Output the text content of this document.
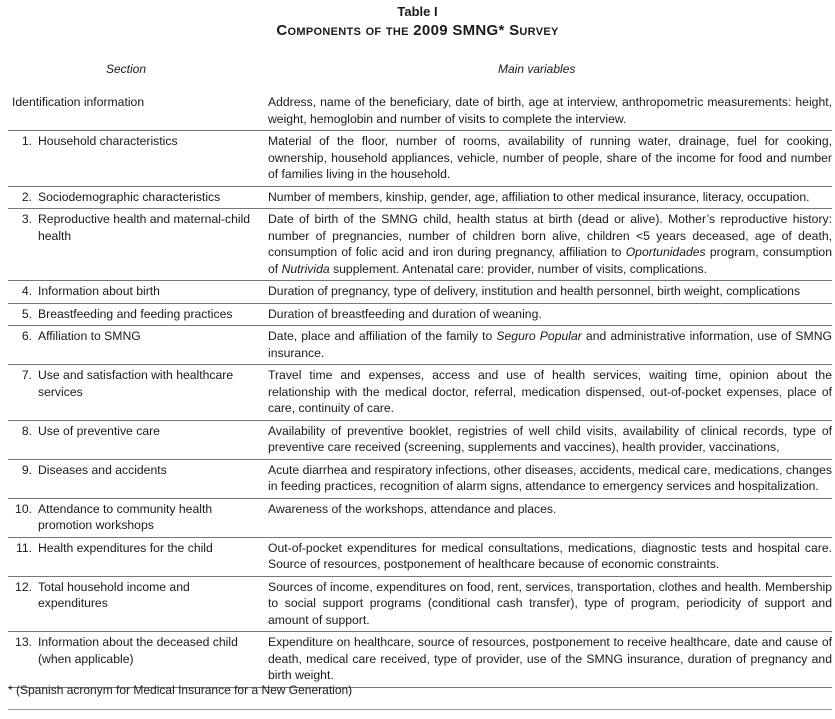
Table I
Components of the 2009 SMNG* Survey
Section	Main variables
Identification information	Address, name of the beneficiary, date of birth, age at interview, anthropometric measurements: height, weight, hemoglobin and number of visits to complete the interview.
1. Household characteristics	Material of the floor, number of rooms, availability of running water, drainage, fuel for cooking, ownership, household appliances, vehicle, number of people, share of the income for food and number of families living in the household.
2. Sociodemographic characteristics	Number of members, kinship, gender, age, affiliation to other medical insurance, literacy, occupation.
3. Reproductive health and maternal-child health	Date of birth of the SMNG child, health status at birth (dead or alive). Mother’s reproductive history: number of pregnancies, number of children born alive, children <5 years deceased, age of death, consumption of folic acid and iron during pregnancy, affiliation to Oportunidades program, consumption of Nutrivida supplement. Antenatal care: provider, number of visits, complications.
4. Information about birth	Duration of pregnancy, type of delivery, institution and health personnel, birth weight, complications
5. Breastfeeding and feeding practices	Duration of breastfeeding and duration of weaning.
6. Affiliation to SMNG	Date, place and affiliation of the family to Seguro Popular and administrative information, use of SMNG insurance.
7. Use and satisfaction with healthcare services	Travel time and expenses, access and use of health services, waiting time, opinion about the relationship with the medical doctor, referral, medication dispensed, out-of-pocket expenses, place of care, continuity of care.
8. Use of preventive care	Availability of preventive booklet, registries of well child visits, availability of clinical records, type of preventive care received (screening, supplements and vaccines), health provider, vaccinations,
9. Diseases and accidents	Acute diarrhea and respiratory infections, other diseases, accidents, medical care, medications, changes in feeding practices, recognition of alarm signs, attendance to emergency services and hospitalization.
10. Attendance to community health promotion workshops	Awareness of the workshops, attendance and places.
11. Health expenditures for the child	Out-of-pocket expenditures for medical consultations, medications, diagnostic tests and hospital care. Source of resources, postponement of healthcare because of economic constraints.
12. Total household income and expenditures	Sources of income, expenditures on food, rent, services, transportation, clothes and health. Membership to social support programs (conditional cash transfer), type of program, periodicity of support and amount of support.
13. Information about the deceased child (when applicable)	Expenditure on healthcare, source of resources, postponement to receive healthcare, date and cause of death, medical care received, type of provider, use of the SMNG insurance, duration of pregnancy and birth weight.
* (Spanish acronym for Medical Insurance for a New Generation)
